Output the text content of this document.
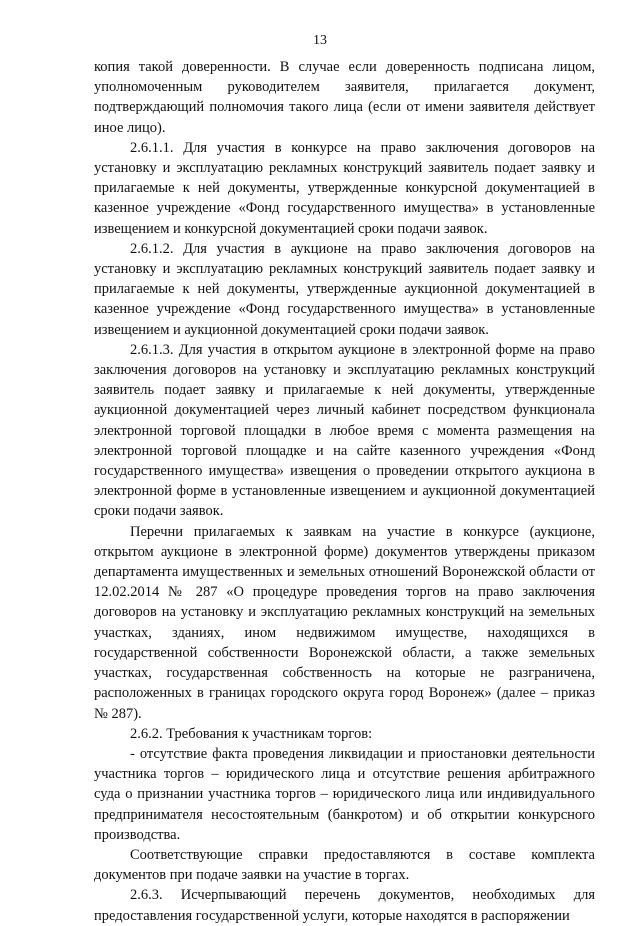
13

копия такой доверенности. В случае если доверенность подписана лицом, уполномоченным руководителем заявителя, прилагается документ, подтверждающий полномочия такого лица (если от имени заявителя действует иное лицо).

2.6.1.1. Для участия в конкурсе на право заключения договоров на установку и эксплуатацию рекламных конструкций заявитель подает заявку и прилагаемые к ней документы, утвержденные конкурсной документацией в казенное учреждение «Фонд государственного имущества» в установленные извещением и конкурсной документацией сроки подачи заявок.

2.6.1.2. Для участия в аукционе на право заключения договоров на установку и эксплуатацию рекламных конструкций заявитель подает заявку и прилагаемые к ней документы, утвержденные аукционной документацией в казенное учреждение «Фонд государственного имущества» в установленные извещением и аукционной документацией сроки подачи заявок.

2.6.1.3. Для участия в открытом аукционе в электронной форме на право заключения договоров на установку и эксплуатацию рекламных конструкций заявитель подает заявку и прилагаемые к ней документы, утвержденные аукционной документацией через личный кабинет посредством функционала электронной торговой площадки в любое время с момента размещения на электронной торговой площадке и на сайте казенного учреждения «Фонд государственного имущества» извещения о проведении открытого аукциона в электронной форме в установленные извещением и аукционной документацией сроки подачи заявок.

Перечни прилагаемых к заявкам на участие в конкурсе (аукционе, открытом аукционе в электронной форме) документов утверждены приказом департамента имущественных и земельных отношений Воронежской области от 12.02.2014 № 287 «О процедуре проведения торгов на право заключения договоров на установку и эксплуатацию рекламных конструкций на земельных участках, зданиях, ином недвижимом имуществе, находящихся в государственной собственности Воронежской области, а также земельных участках, государственная собственность на которые не разграничена, расположенных в границах городского округа город Воронеж» (далее – приказ № 287).

2.6.2. Требования к участникам торгов:

- отсутствие факта проведения ликвидации и приостановки деятельности участника торгов – юридического лица и отсутствие решения арбитражного суда о признании участника торгов – юридического лица или индивидуального предпринимателя несостоятельным (банкротом) и об открытии конкурсного производства.

Соответствующие справки предоставляются в составе комплекта документов при подаче заявки на участие в торгах.

2.6.3. Исчерпывающий перечень документов, необходимых для предоставления государственной услуги, которые находятся в распоряжении
